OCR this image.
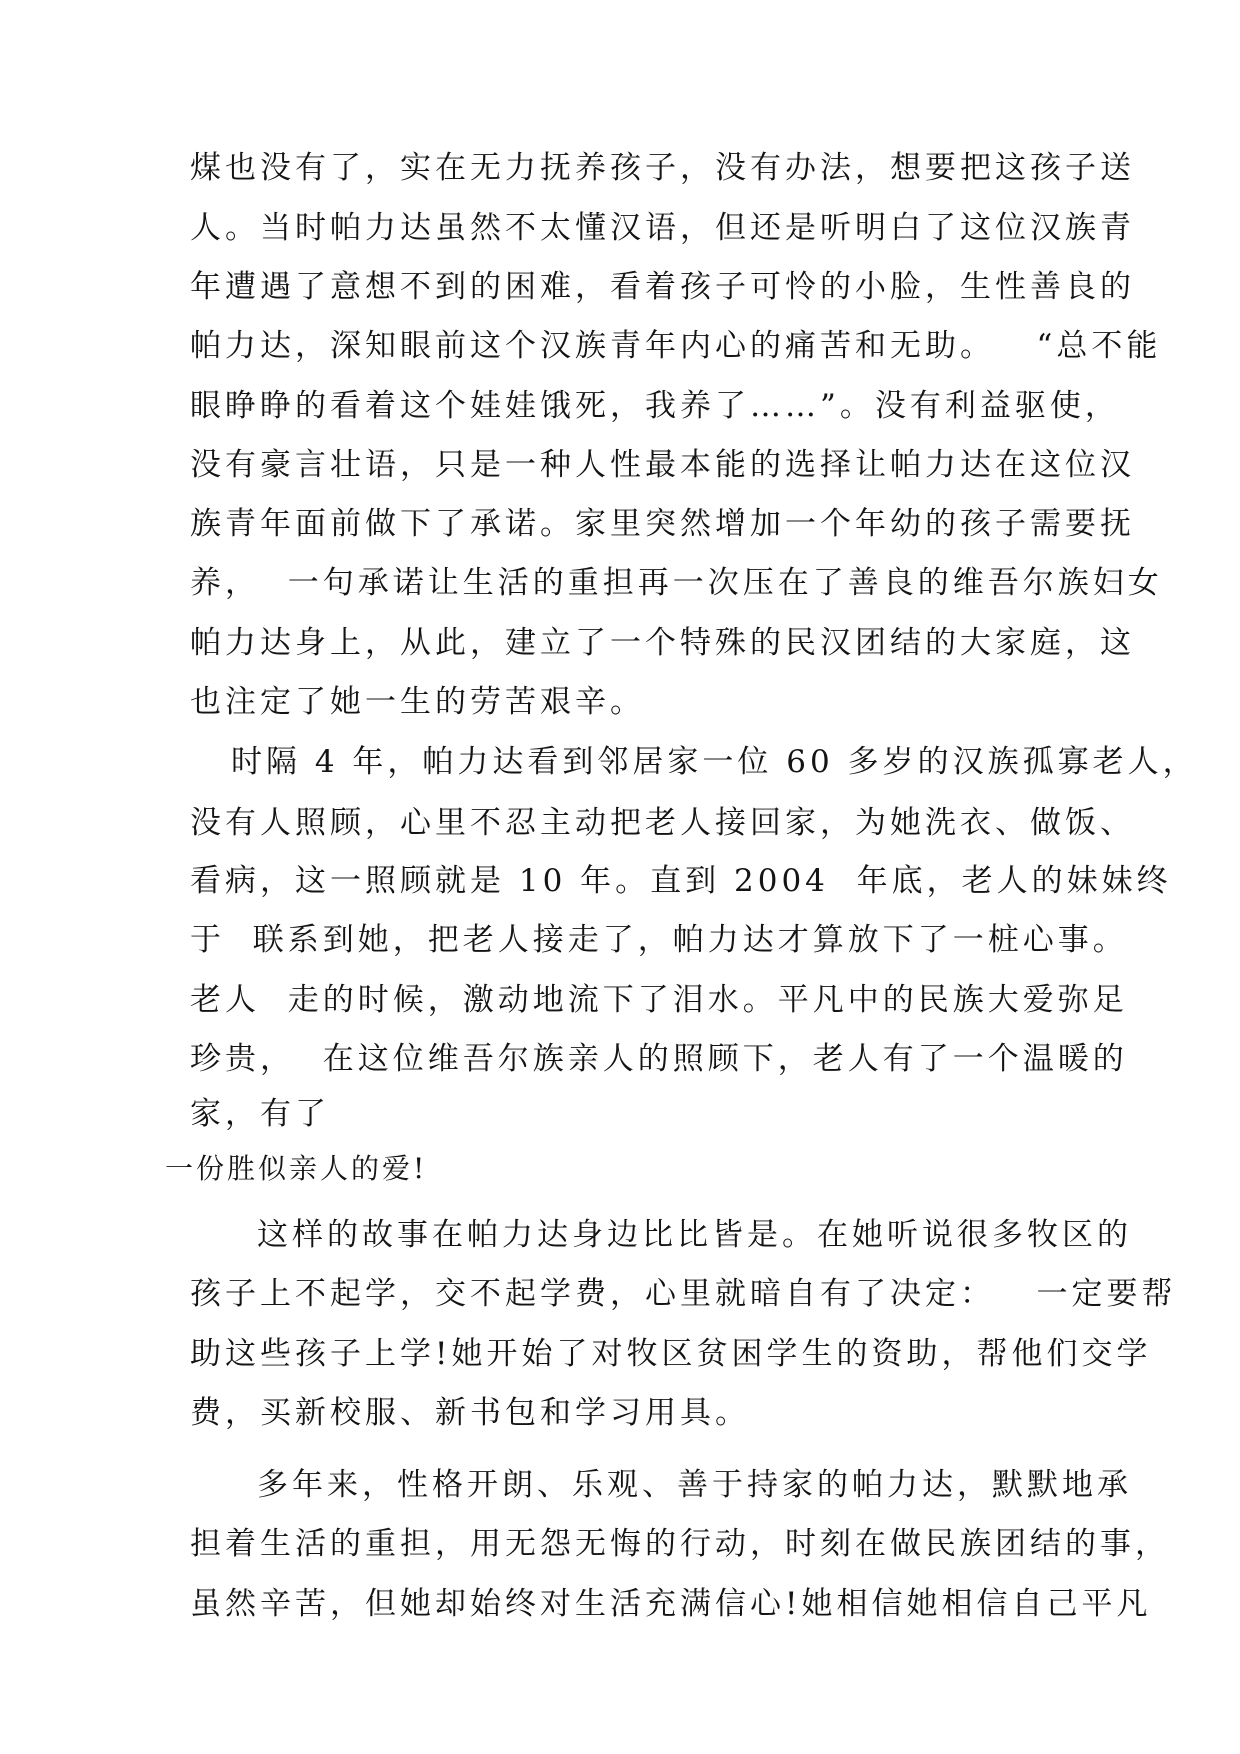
煤也没有了，实在无力抚养孩子，没有办法，想要把这孩子送
人。当时帕力达虽然不太懂汉语，但还是听明白了这位汉族青
年遭遇了意想不到的困难，看着孩子可怜的小脸，生性善良的
帕力达，深知眼前这个汉族青年内心的痛苦和无助。   “总不能
眼睁睁的看着这个娃娃饿死，我养了……”。没有利益驱使，
没有豪言壮语，只是一种人性最本能的选择让帕力达在这位汉
族青年面前做下了承诺。家里突然增加一个年幼的孩子需要抚
养，  一句承诺让生活的重担再一次压在了善良的维吾尔族妇女
帕力达身上，从此，建立了一个特殊的民汉团结的大家庭，这
也注定了她一生的劳苦艰辛。
时隔 4 年，帕力达看到邻居家一位 60 多岁的汉族孤寡老人，
没有人照顾，心里不忍主动把老人接回家，为她洗衣、做饭、
看病，这一照顾就是 10 年。直到 2004  年底，老人的妹妹终
于  联系到她，把老人接走了，帕力达才算放下了一桩心事。
老人  走的时候，激动地流下了泪水。平凡中的民族大爱弥足
珍贵，  在这位维吾尔族亲人的照顾下，老人有了一个温暖的
家，有了
一份胜似亲人的爱!
这样的故事在帕力达身边比比皆是。在她听说很多牧区的
孩子上不起学，交不起学费，心里就暗自有了决定：   一定要帮
助这些孩子上学!她开始了对牧区贫困学生的资助，帮他们交学
费，买新校服、新书包和学习用具。
多年来，性格开朗、乐观、善于持家的帕力达，默默地承
担着生活的重担，用无怨无悔的行动，时刻在做民族团结的事，
虽然辛苦，但她却始终对生活充满信心!她相信她相信自己平凡
